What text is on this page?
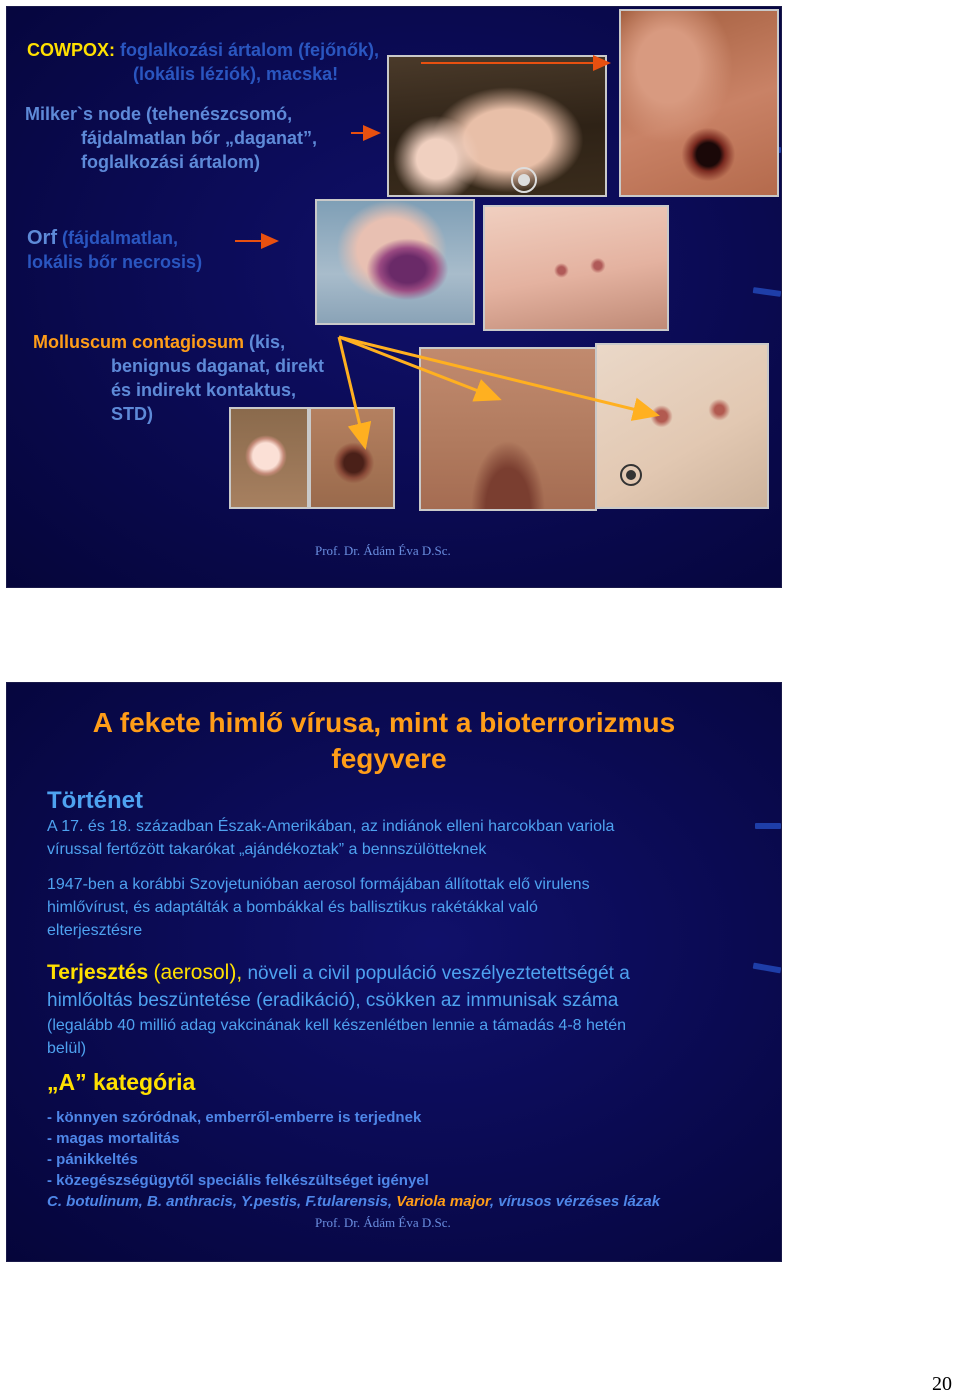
COWPOX: foglalkozási ártalom (fejőnők),
(lokális léziók), macska!
Milker`s node (tehenészcsomó,
fájdalmatlan bőr „daganat”,
foglalkozási ártalom)
Orf (fájdalmatlan,
lokális bőr necrosis)
Molluscum contagiosum (kis,
benignus daganat, direkt
és indirekt kontaktus,
STD)
Prof. Dr. Ádám Éva D.Sc.
A fekete himlő vírusa, mint a bioterrorizmus
fegyvere
Történet
A 17. és 18. században Észak-Amerikában, az indiánok elleni harcokban variola
vírussal fertőzött takarókat „ajándékoztak” a bennszülötteknek
1947-ben a korábbi Szovjetunióban aerosol formájában állítottak elő virulens
himlővírust, és adaptálták a bombákkal és ballisztikus rakétákkal való
elterjesztésre
Terjesztés (aerosol), növeli a civil populáció veszélyeztetettségét a
himlőoltás beszüntetése (eradikáció), csökken az immunisak száma
(legalább 40 millió adag vakcinának kell készenlétben lennie a támadás 4-8 hetén
belül)
„A” kategória
- könnyen szóródnak, emberről-emberre is terjednek
- magas mortalitás
- pánikkeltés
- közegészségügytől speciális felkészültséget igényel
C. botulinum, B. anthracis, Y.pestis, F.tularensis, Variola major, vírusos vérzéses lázak
Prof. Dr. Ádám Éva D.Sc.
20
